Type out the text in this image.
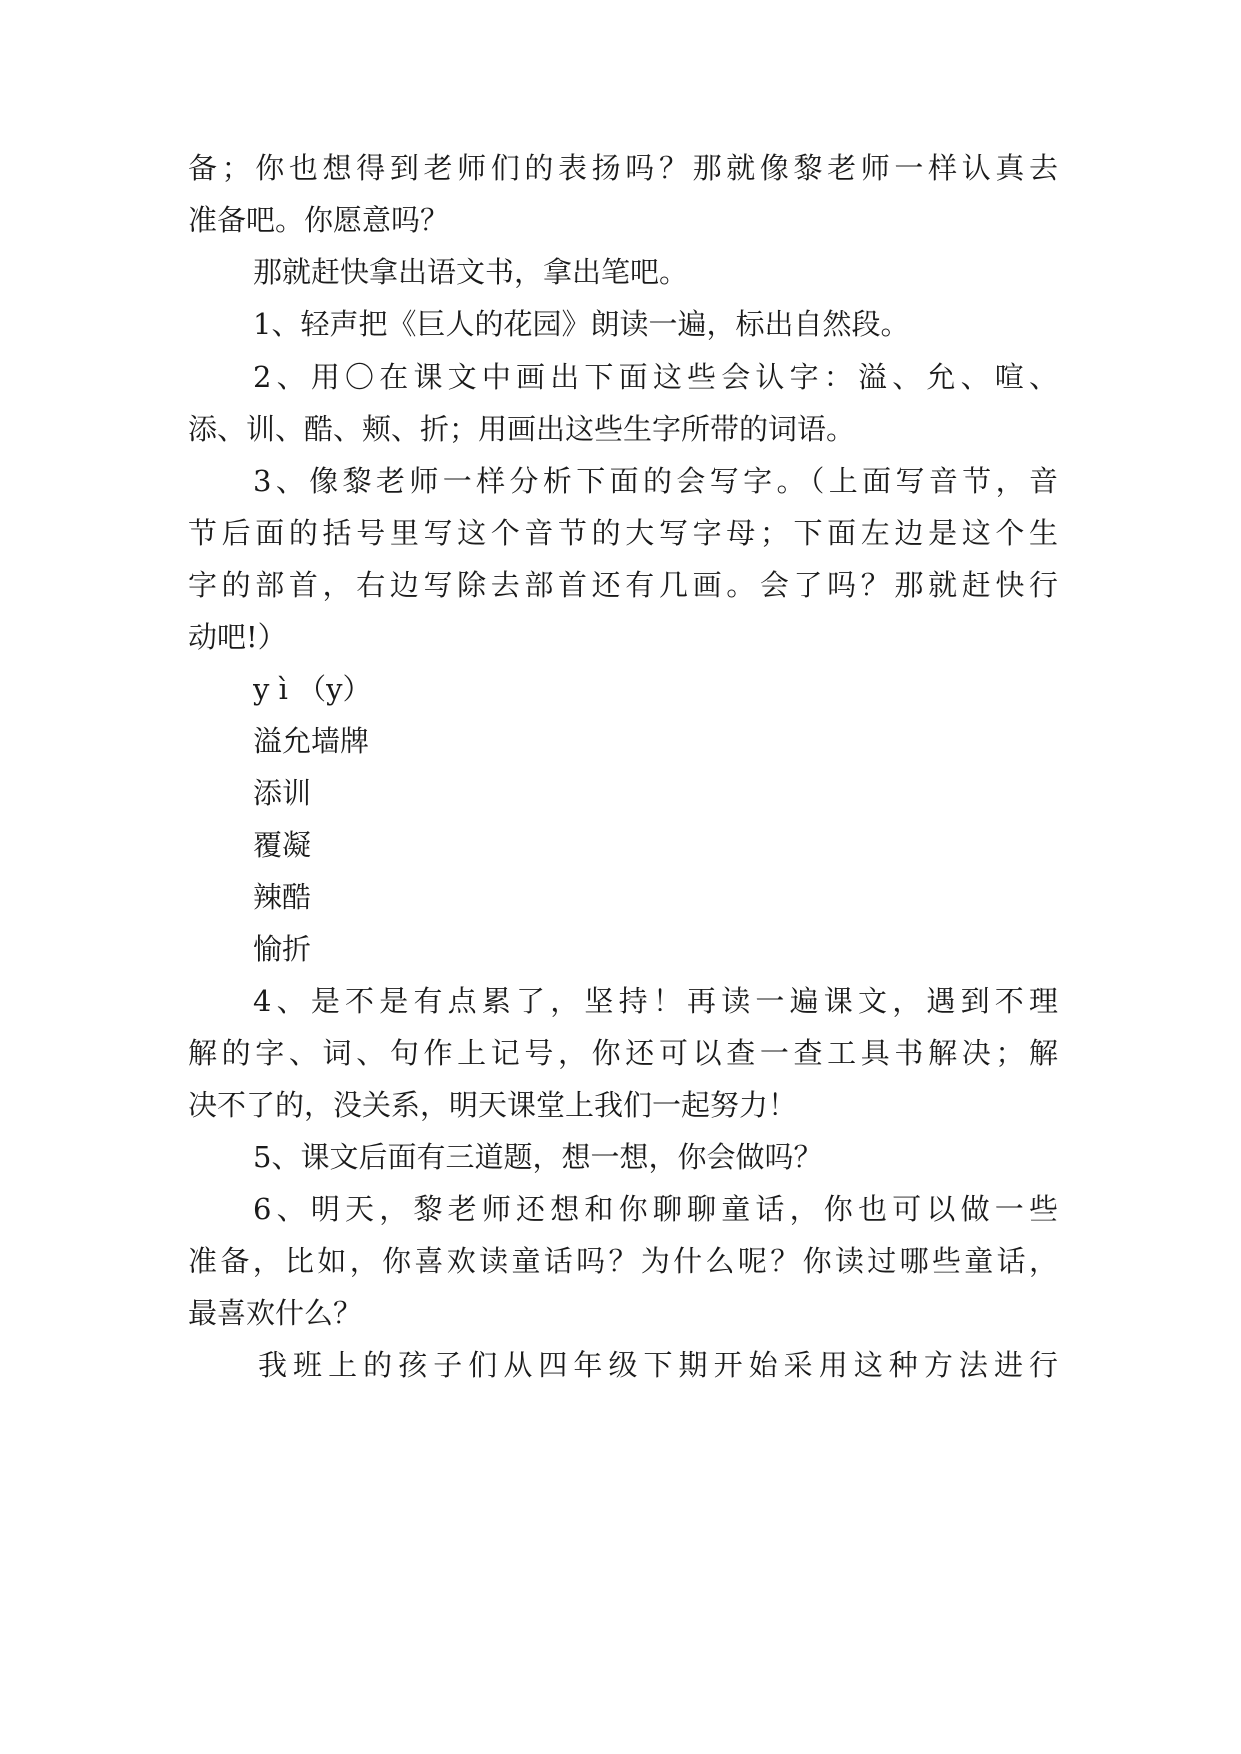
备；你也想得到老师们的表扬吗？那就像黎老师一样认真去
准备吧。你愿意吗？
那就赶快拿出语文书，拿出笔吧。
1、轻声把《巨人的花园》朗读一遍，标出自然段。
2、用〇在课文中画出下面这些会认字：溢、允、喧、
添、训、酷、颊、折；用画出这些生字所带的词语。
3、像黎老师一样分析下面的会写字。（上面写音节，音
节后面的括号里写这个音节的大写字母；下面左边是这个生
字的部首，右边写除去部首还有几画。会了吗？那就赶快行
动吧!）
y ì （y）
溢允墙牌
添训
覆凝
辣酷
愉折
4、是不是有点累了，坚持！再读一遍课文，遇到不理
解的字、词、句作上记号，你还可以查一查工具书解决；解
决不了的，没关系，明天课堂上我们一起努力！
5、课文后面有三道题，想一想，你会做吗？
6、明天，黎老师还想和你聊聊童话，你也可以做一些
准备，比如，你喜欢读童话吗？为什么呢？你读过哪些童话，
最喜欢什么？
我班上的孩子们从四年级下期开始采用这种方法进行
